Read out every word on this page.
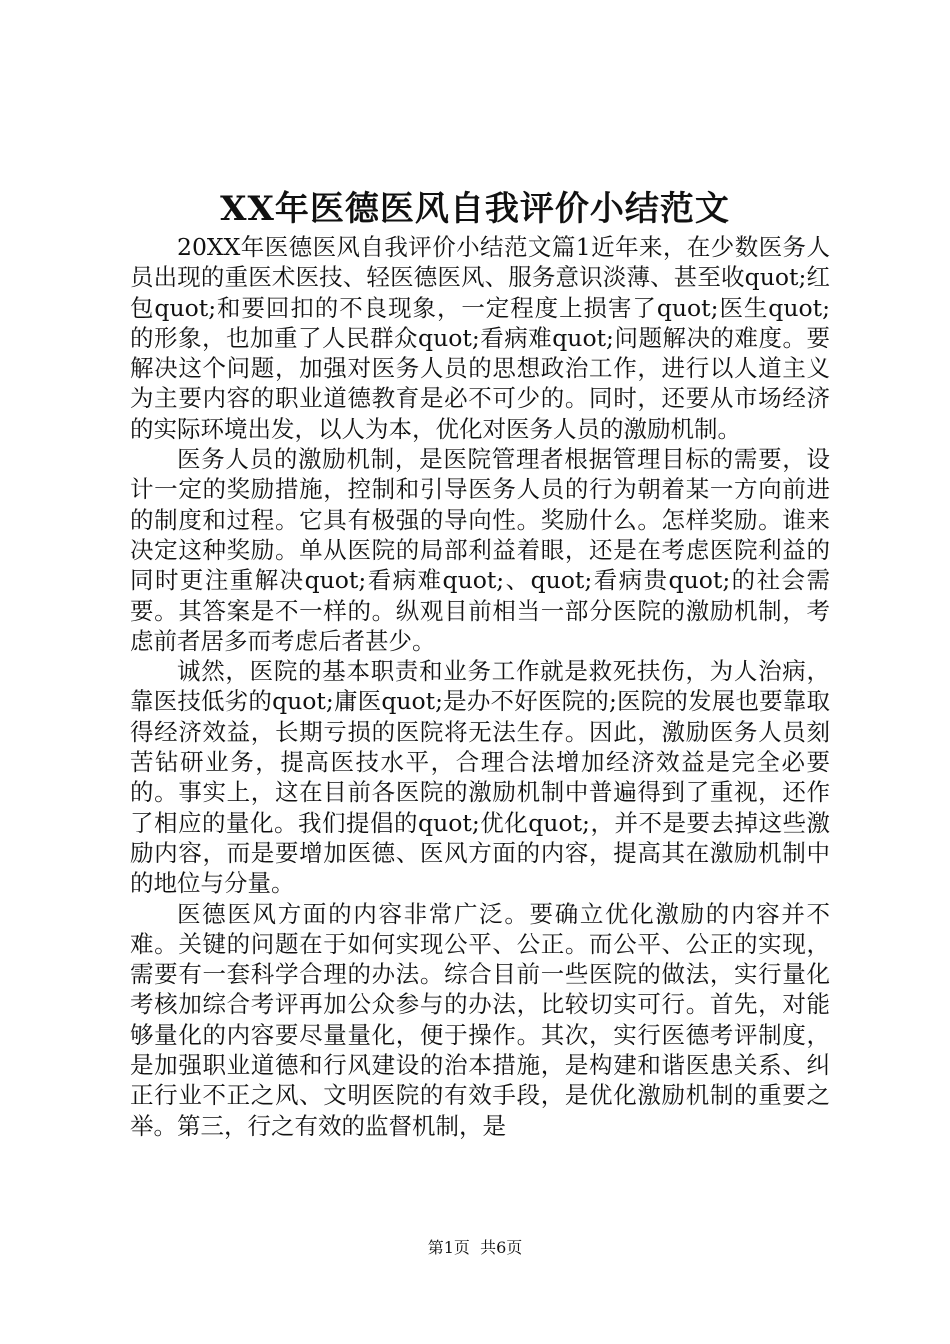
XX年医德医风自我评价小结范文

20XX年医德医风自我评价小结范文篇1近年来，在少数医务人员出现的重医术医技、轻医德医风、服务意识淡薄、甚至收quot;红包quot;和要回扣的不良现象，一定程度上损害了quot;医生quot;的形象，也加重了人民群众quot;看病难quot;问题解决的难度。要解决这个问题，加强对医务人员的思想政治工作，进行以人道主义为主要内容的职业道德教育是必不可少的。同时，还要从市场经济的实际环境出发，以人为本，优化对医务人员的激励机制。

医务人员的激励机制，是医院管理者根据管理目标的需要，设计一定的奖励措施，控制和引导医务人员的行为朝着某一方向前进的制度和过程。它具有极强的导向性。奖励什么。怎样奖励。谁来决定这种奖励。单从医院的局部利益着眼，还是在考虑医院利益的同时更注重解决quot;看病难quot;、quot;看病贵quot;的社会需要。其答案是不一样的。纵观目前相当一部分医院的激励机制，考虑前者居多而考虑后者甚少。

诚然，医院的基本职责和业务工作就是救死扶伤，为人治病，靠医技低劣的quot;庸医quot;是办不好医院的;医院的发展也要靠取得经济效益，长期亏损的医院将无法生存。因此，激励医务人员刻苦钻研业务，提高医技水平，合理合法增加经济效益是完全必要的。事实上，这在目前各医院的激励机制中普遍得到了重视，还作了相应的量化。我们提倡的quot;优化quot;，并不是要去掉这些激励内容，而是要增加医德、医风方面的内容，提高其在激励机制中的地位与分量。

医德医风方面的内容非常广泛。要确立优化激励的内容并不难。关键的问题在于如何实现公平、公正。而公平、公正的实现，需要有一套科学合理的办法。综合目前一些医院的做法，实行量化考核加综合考评再加公众参与的办法，比较切实可行。首先，对能够量化的内容要尽量量化，便于操作。其次，实行医德考评制度，是加强职业道德和行风建设的治本措施，是构建和谐医患关系、纠正行业不正之风、文明医院的有效手段，是优化激励机制的重要之举。第三，行之有效的监督机制，是

第1页 共6页
